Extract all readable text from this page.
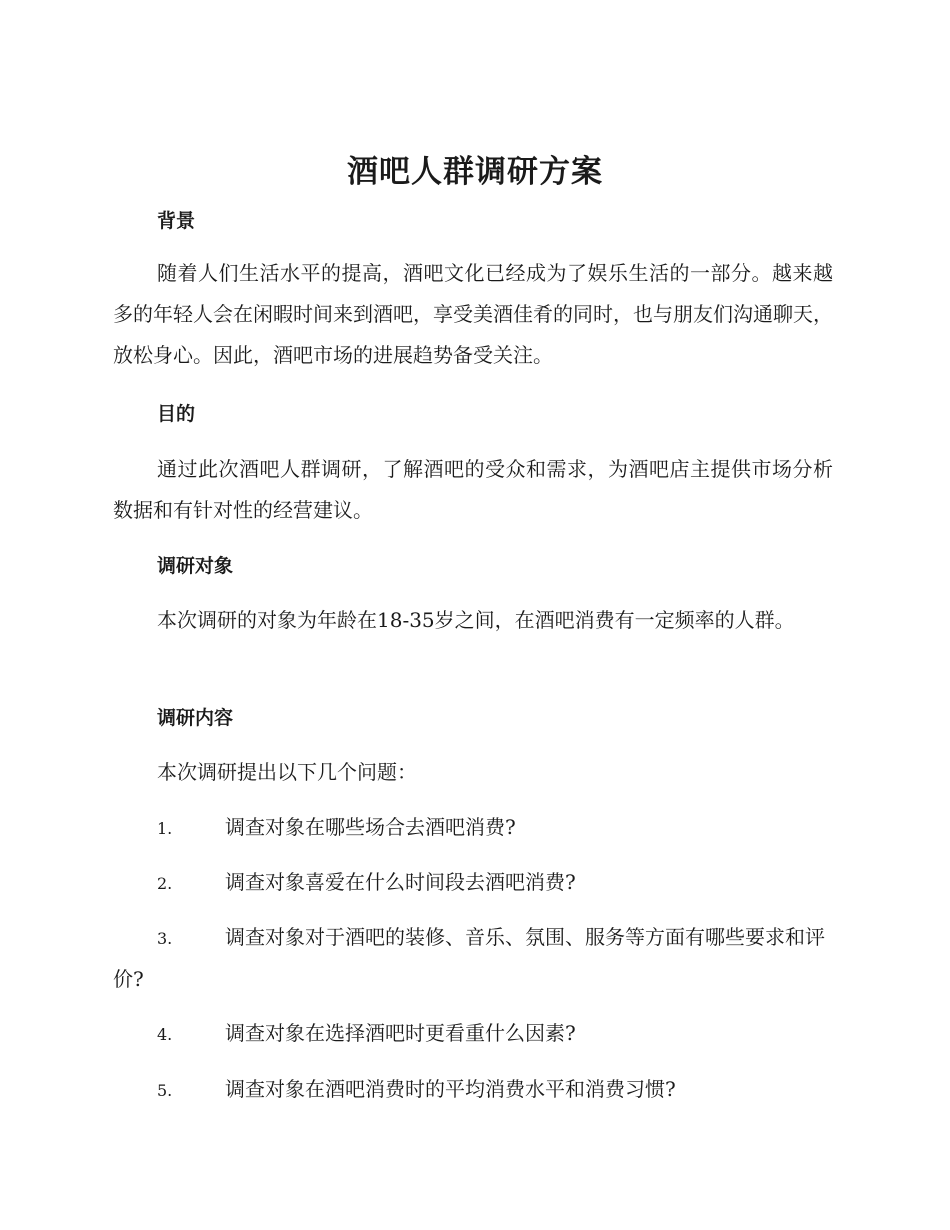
酒吧人群调研方案
背景
随着人们生活水平的提高，酒吧文化已经成为了娱乐生活的一部分。越来越多的年轻人会在闲暇时间来到酒吧，享受美酒佳肴的同时，也与朋友们沟通聊天，放松身心。因此，酒吧市场的进展趋势备受关注。
目的
通过此次酒吧人群调研，了解酒吧的受众和需求，为酒吧店主提供市场分析数据和有针对性的经营建议。
调研对象
本次调研的对象为年龄在18-35岁之间，在酒吧消费有一定频率的人群。
调研内容
本次调研提出以下几个问题：
1.	调查对象在哪些场合去酒吧消费?
2.	调查对象喜爱在什么时间段去酒吧消费?
3.	调查对象对于酒吧的装修、音乐、氛围、服务等方面有哪些要求和评价?
4.	调查对象在选择酒吧时更看重什么因素?
5.	调查对象在酒吧消费时的平均消费水平和消费习惯?
